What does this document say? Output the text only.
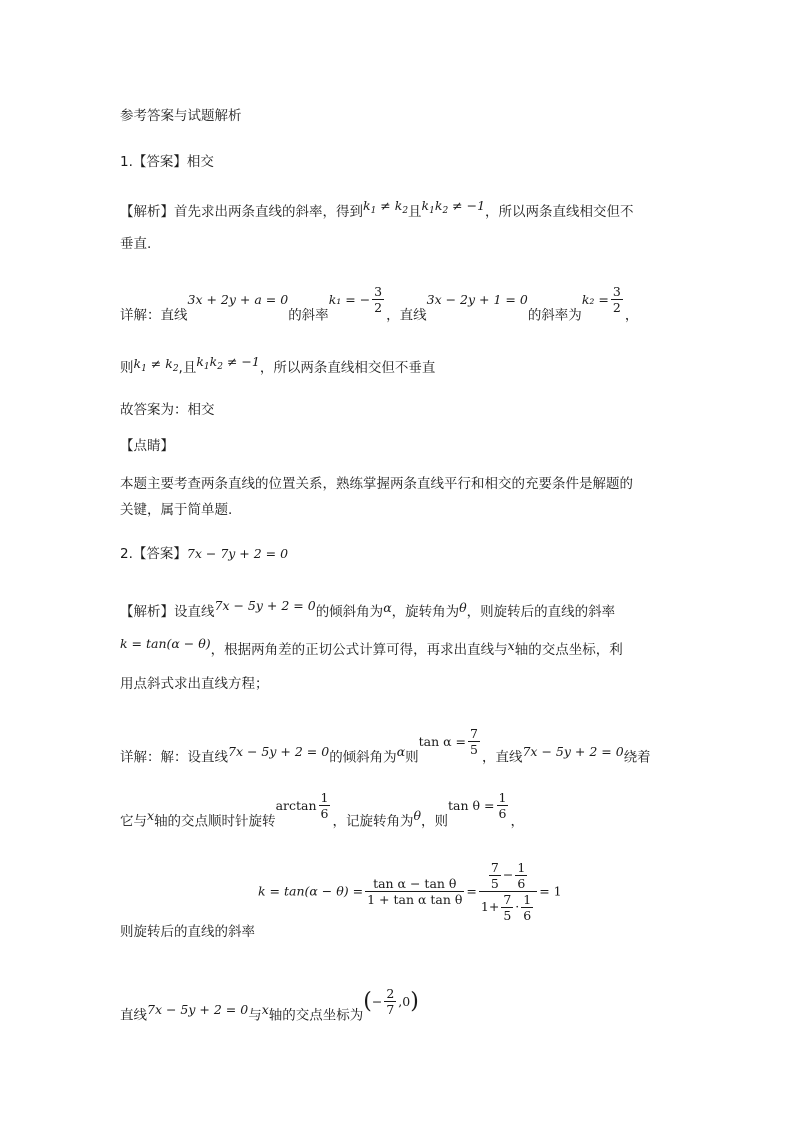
参考答案与试题解析
1.【答案】相交
【解析】首先求出两条直线的斜率，得到$k_1 \ne k_2$且$k_1k_2 \ne -1$，所以两条直线相交但不
垂直.
详解：直线3x + 2y + a = 0的斜率k₁ = − $\frac{3}{2}$
，直线3x − 2y + 1 = 0的斜率为$k_2 = \frac{3}{2}$
，
则$k_1 \ne k_2$,且$k_1k_2 \ne -1$，所以两条直线相交但不垂直
故答案为：相交
【点睛】
本题主要考查两条直线的位置关系，熟练掌握两条直线平行和相交的充要条件是解题的
关键，属于简单题.
2.【答案】7x − 7y + 2 = 0
【解析】设直线7x − 5y + 2 = 0的倾斜角为α，旋转角为θ，则旋转后的直线的斜率
k = tan(α − θ)，根据两角差的正切公式计算可得，再求出直线与x轴的交点坐标，利
用点斜式求出直线方程；
详解：解：设直线7x − 5y + 2 = 0的倾斜角为α则$\tan \alpha = \frac{7}{5}$
，直线7x − 5y + 2 = 0绕着
它与x轴的交点顺时针旋转$\arctan \frac{1}{6}$
，记旋转角为θ，则$\tan \theta = \frac{1}{6}$
，
$k = \tan(\alpha - \theta) = \frac{\text{tan α − tan θ}}{\text{1 + tan α tan θ}} = \frac{\frac{7}{5} - \frac{1}{6}}{1+ \frac{7}{5} \cdot \frac{1}{6}} = 1$
则旋转后的直线的斜率
直线7x − 5y + 2 = 0与x轴的交点坐标为(− $\frac{2}{7} ,0$)
